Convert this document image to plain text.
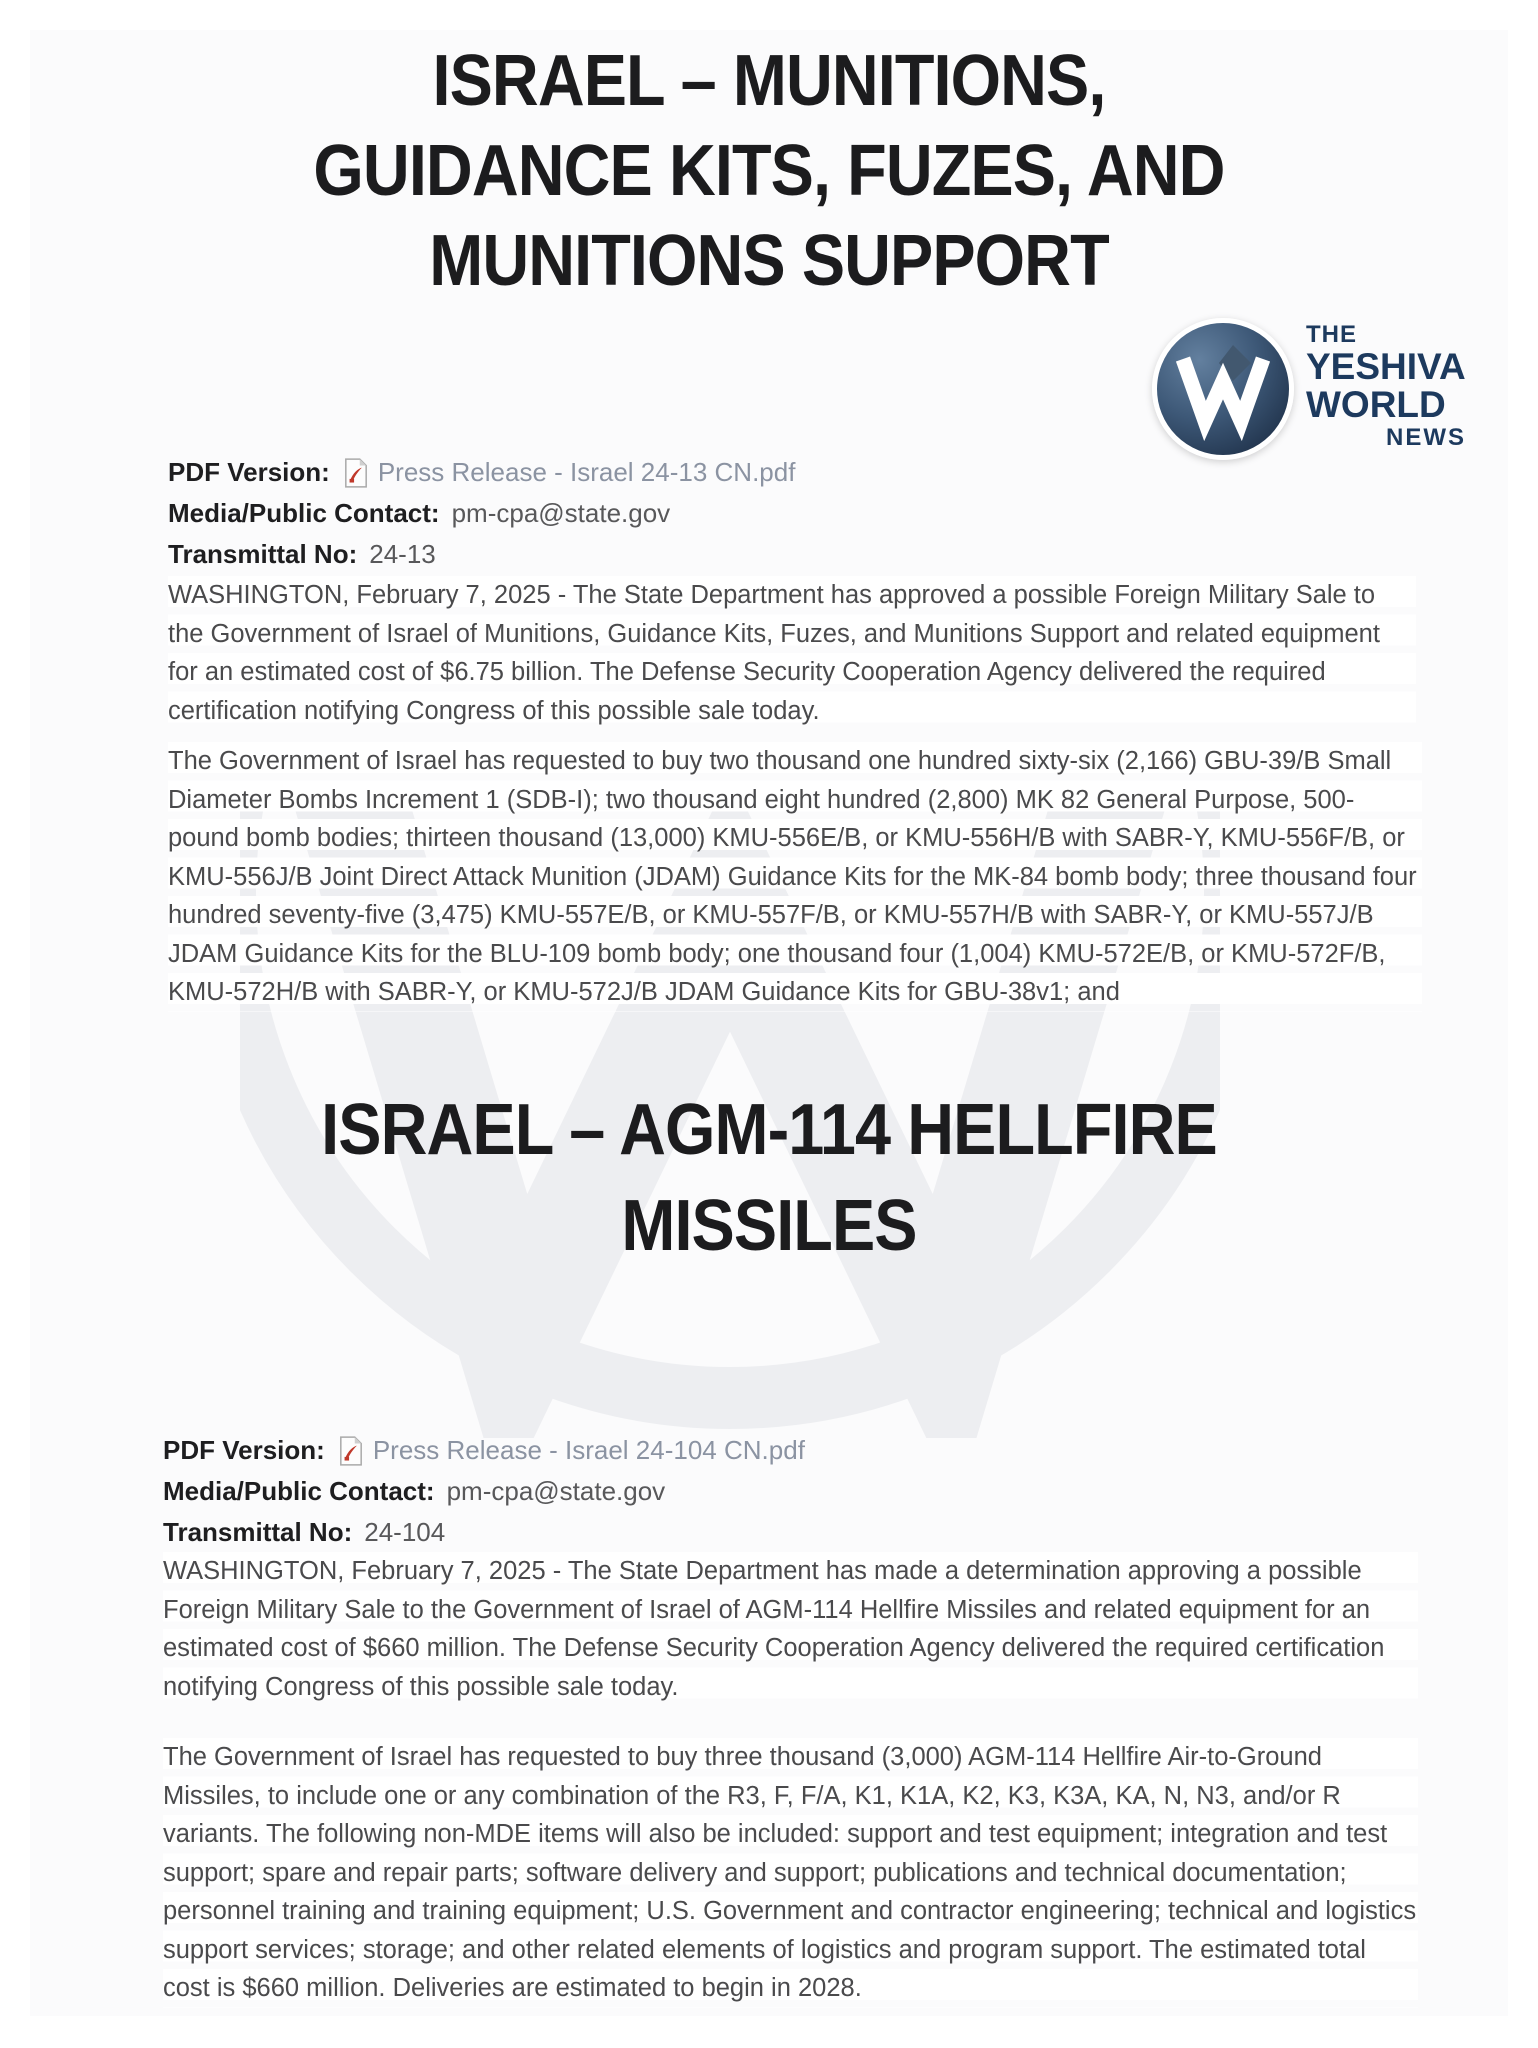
ISRAEL – MUNITIONS,
GUIDANCE KITS, FUZES, AND
MUNITIONS SUPPORT
THE
YESHIVA
WORLD
NEWS
PDF Version: Press Release - Israel 24-13 CN.pdf
Media/Public Contact: pm-cpa@state.gov
Transmittal No: 24-13
WASHINGTON, February 7, 2025 - The State Department has approved a possible Foreign Military Sale to the Government of Israel of Munitions, Guidance Kits, Fuzes, and Munitions Support and related equipment for an estimated cost of $6.75 billion. The Defense Security Cooperation Agency delivered the required certification notifying Congress of this possible sale today.
The Government of Israel has requested to buy two thousand one hundred sixty-six (2,166) GBU-39/B Small Diameter Bombs Increment 1 (SDB-I); two thousand eight hundred (2,800) MK 82 General Purpose, 500-pound bomb bodies; thirteen thousand (13,000) KMU-556E/B, or KMU-556H/B with SABR-Y, KMU-556F/B, or KMU-556J/B Joint Direct Attack Munition (JDAM) Guidance Kits for the MK-84 bomb body; three thousand four hundred seventy-five (3,475) KMU-557E/B, or KMU-557F/B, or KMU-557H/B with SABR-Y, or KMU-557J/B JDAM Guidance Kits for the BLU-109 bomb body; one thousand four (1,004) KMU-572E/B, or KMU-572F/B, KMU-572H/B with SABR-Y, or KMU-572J/B JDAM Guidance Kits for GBU-38v1; and
ISRAEL – AGM-114 HELLFIRE
MISSILES
PDF Version: Press Release - Israel 24-104 CN.pdf
Media/Public Contact: pm-cpa@state.gov
Transmittal No: 24-104
WASHINGTON, February 7, 2025 - The State Department has made a determination approving a possible Foreign Military Sale to the Government of Israel of AGM-114 Hellfire Missiles and related equipment for an estimated cost of $660 million. The Defense Security Cooperation Agency delivered the required certification notifying Congress of this possible sale today.
The Government of Israel has requested to buy three thousand (3,000) AGM-114 Hellfire Air-to-Ground Missiles, to include one or any combination of the R3, F, F/A, K1, K1A, K2, K3, K3A, KA, N, N3, and/or R variants. The following non-MDE items will also be included: support and test equipment; integration and test support; spare and repair parts; software delivery and support; publications and technical documentation; personnel training and training equipment; U.S. Government and contractor engineering; technical and logistics support services; storage; and other related elements of logistics and program support. The estimated total cost is $660 million. Deliveries are estimated to begin in 2028.
